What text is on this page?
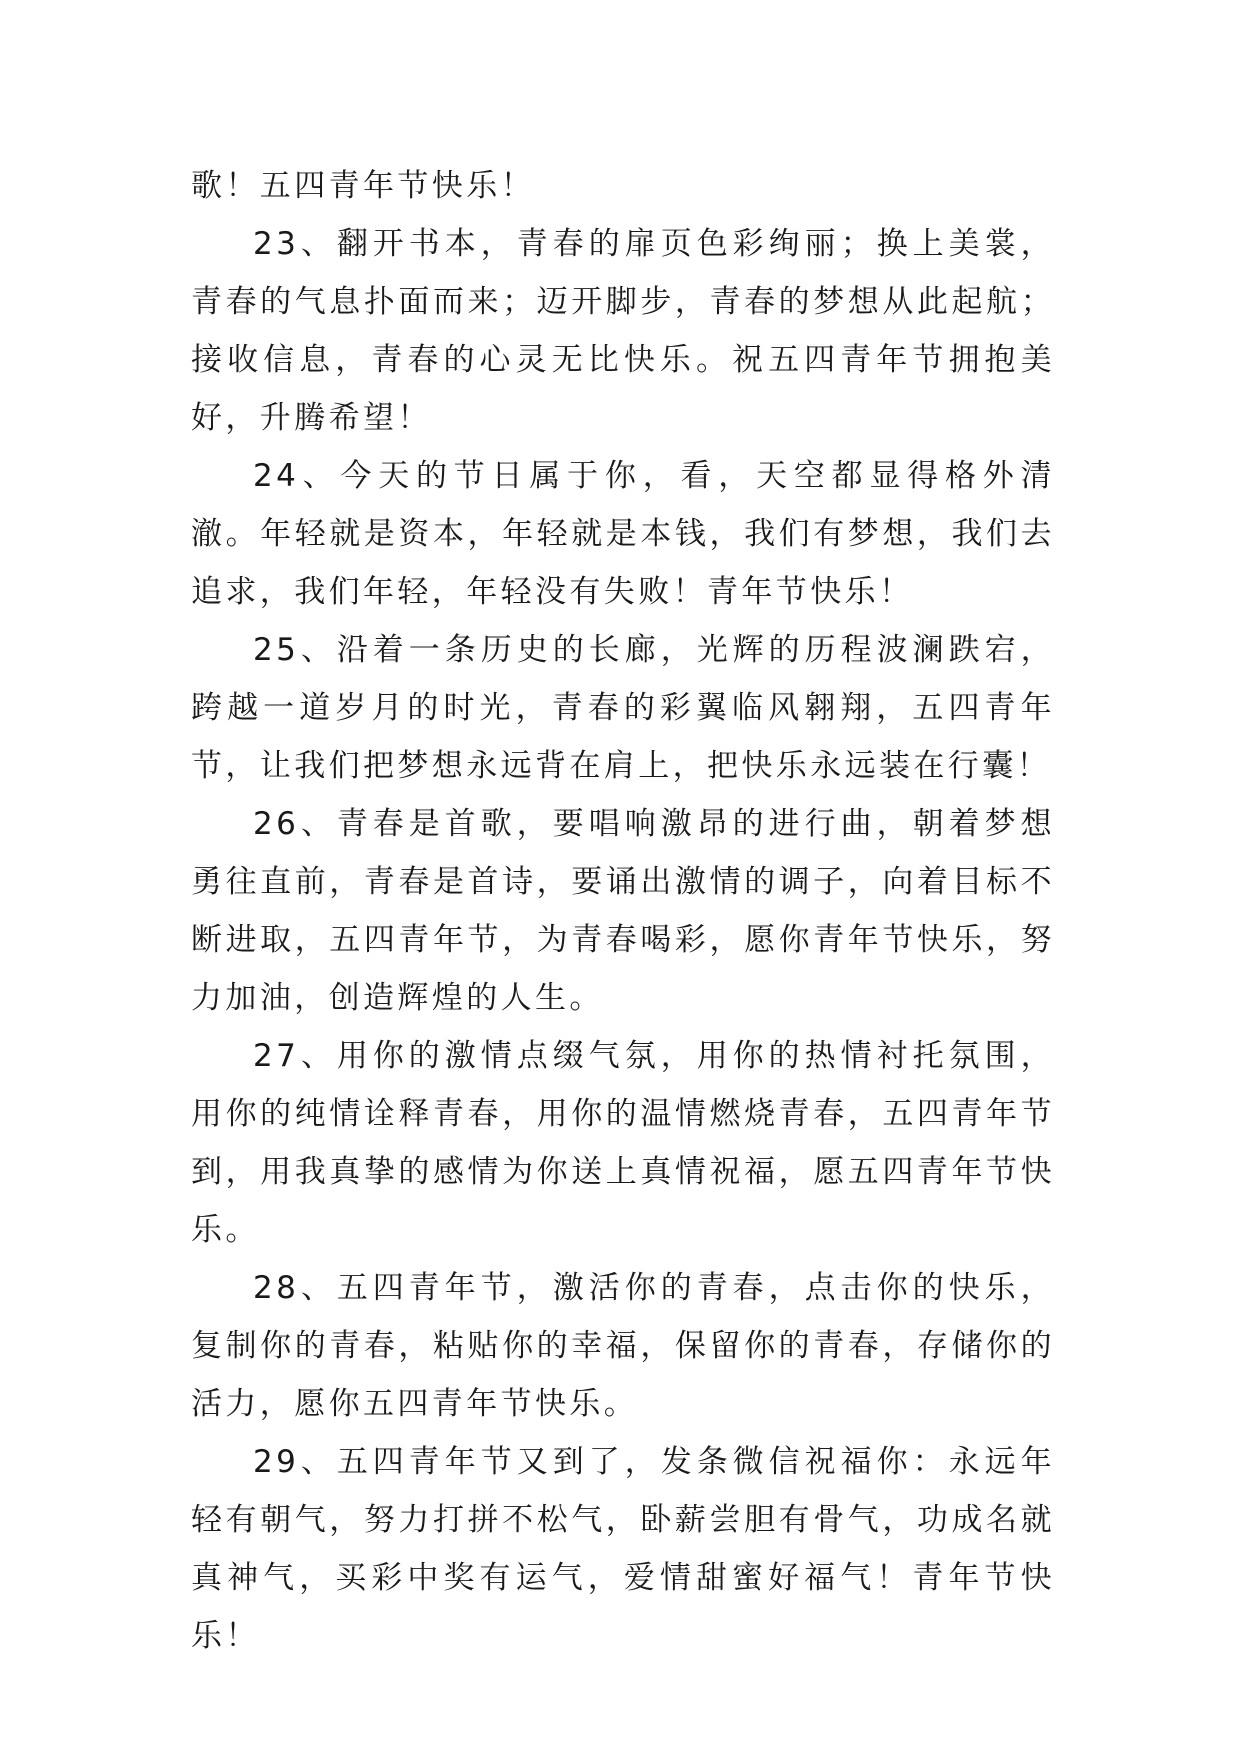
歌！五四青年节快乐！

23、翻开书本，青春的扉页色彩绚丽；换上美裳，青春的气息扑面而来；迈开脚步，青春的梦想从此起航；接收信息，青春的心灵无比快乐。祝五四青年节拥抱美好，升腾希望！

24、今天的节日属于你，看，天空都显得格外清澈。年轻就是资本，年轻就是本钱，我们有梦想，我们去追求，我们年轻，年轻没有失败！青年节快乐！

25、沿着一条历史的长廊，光辉的历程波澜跌宕，跨越一道岁月的时光，青春的彩翼临风翱翔，五四青年节，让我们把梦想永远背在肩上，把快乐永远装在行囊！

26、青春是首歌，要唱响激昂的进行曲，朝着梦想勇往直前，青春是首诗，要诵出激情的调子，向着目标不断进取，五四青年节，为青春喝彩，愿你青年节快乐，努力加油，创造辉煌的人生。

27、用你的激情点缀气氛，用你的热情衬托氛围，用你的纯情诠释青春，用你的温情燃烧青春，五四青年节到，用我真挚的感情为你送上真情祝福，愿五四青年节快乐。

28、五四青年节，激活你的青春，点击你的快乐，复制你的青春，粘贴你的幸福，保留你的青春，存储你的活力，愿你五四青年节快乐。

29、五四青年节又到了，发条微信祝福你：永远年轻有朝气，努力打拼不松气，卧薪尝胆有骨气，功成名就真神气，买彩中奖有运气，爱情甜蜜好福气！青年节快乐！
